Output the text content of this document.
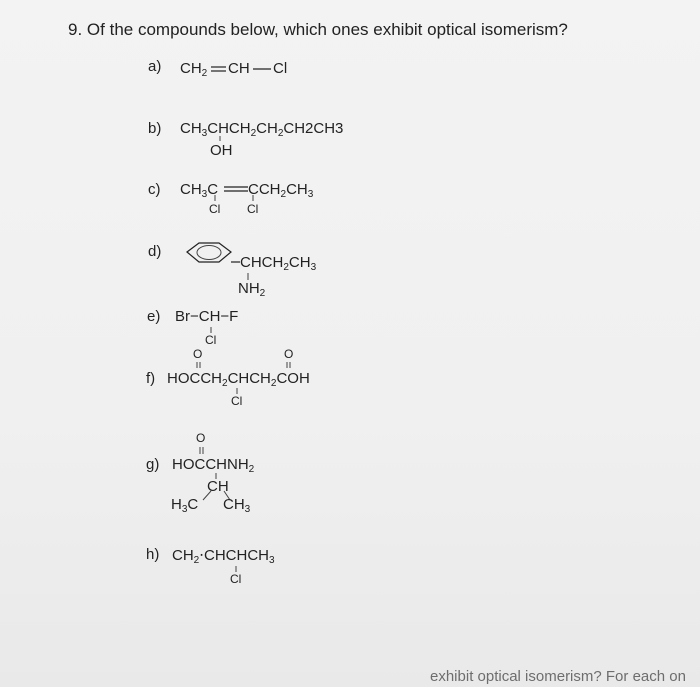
9. Of the compounds below, which ones exhibit optical isomerism?
a) $CH_2$ CH Cl
b) $CH_3CHCH_2CH_2CH2CH3$
OH
c) $CH_3C$ $CCH_2CH_3$
Cl Cl
d)
$CHCH_2CH_3$
$NH_2$
e) Br−CH−F
Cl
O	O
f) $HOCCH_2CHCH_2COH$
Cl
O
g) $HOCCHNH_2$
CH
$H_3C$ $CH_3$
h) $CH_2\cdot CHCHCH_3$
Cl
exhibit optical isomerism? For each on
